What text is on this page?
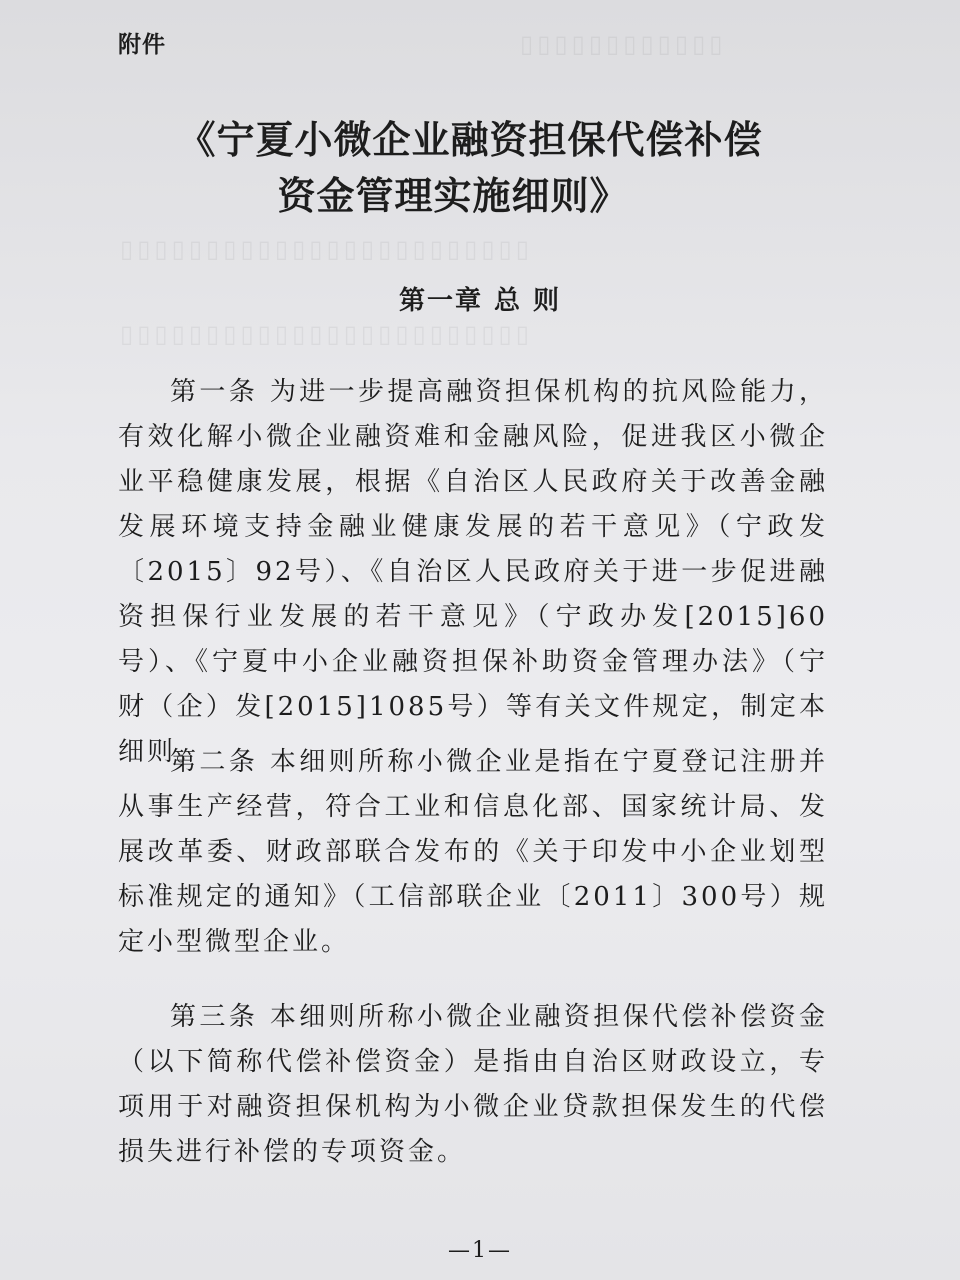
▯▯▯▯▯▯▯▯▯▯▯▯
▯▯▯▯▯▯▯▯▯▯▯▯▯▯▯▯▯▯▯▯▯▯▯▯
▯▯▯▯▯▯▯▯▯▯▯▯▯▯▯▯▯▯▯▯▯▯▯▯
附件
《宁夏小微企业融资担保代偿补偿
资金管理实施细则》
第一章 总 则

第一条 为进一步提高融资担保机构的抗风险能力，有效化解小微企业融资难和金融风险，促进我区小微企业平稳健康发展，根据《自治区人民政府关于改善金融发展环境支持金融业健康发展的若干意见》（宁政发〔2015〕92号）、《自治区人民政府关于进一步促进融资担保行业发展的若干意见》（宁政办发[2015]60号）、《宁夏中小企业融资担保补助资金管理办法》（宁财（企）发[2015]1085号）等有关文件规定，制定本细则。

第二条 本细则所称小微企业是指在宁夏登记注册并从事生产经营，符合工业和信息化部、国家统计局、发展改革委、财政部联合发布的《关于印发中小企业划型标准规定的通知》（工信部联企业〔2011〕300号）规定小型微型企业。

第三条 本细则所称小微企业融资担保代偿补偿资金（以下简称代偿补偿资金）是指由自治区财政设立，专项用于对融资担保机构为小微企业贷款担保发生的代偿损失进行补偿的专项资金。

—1—
